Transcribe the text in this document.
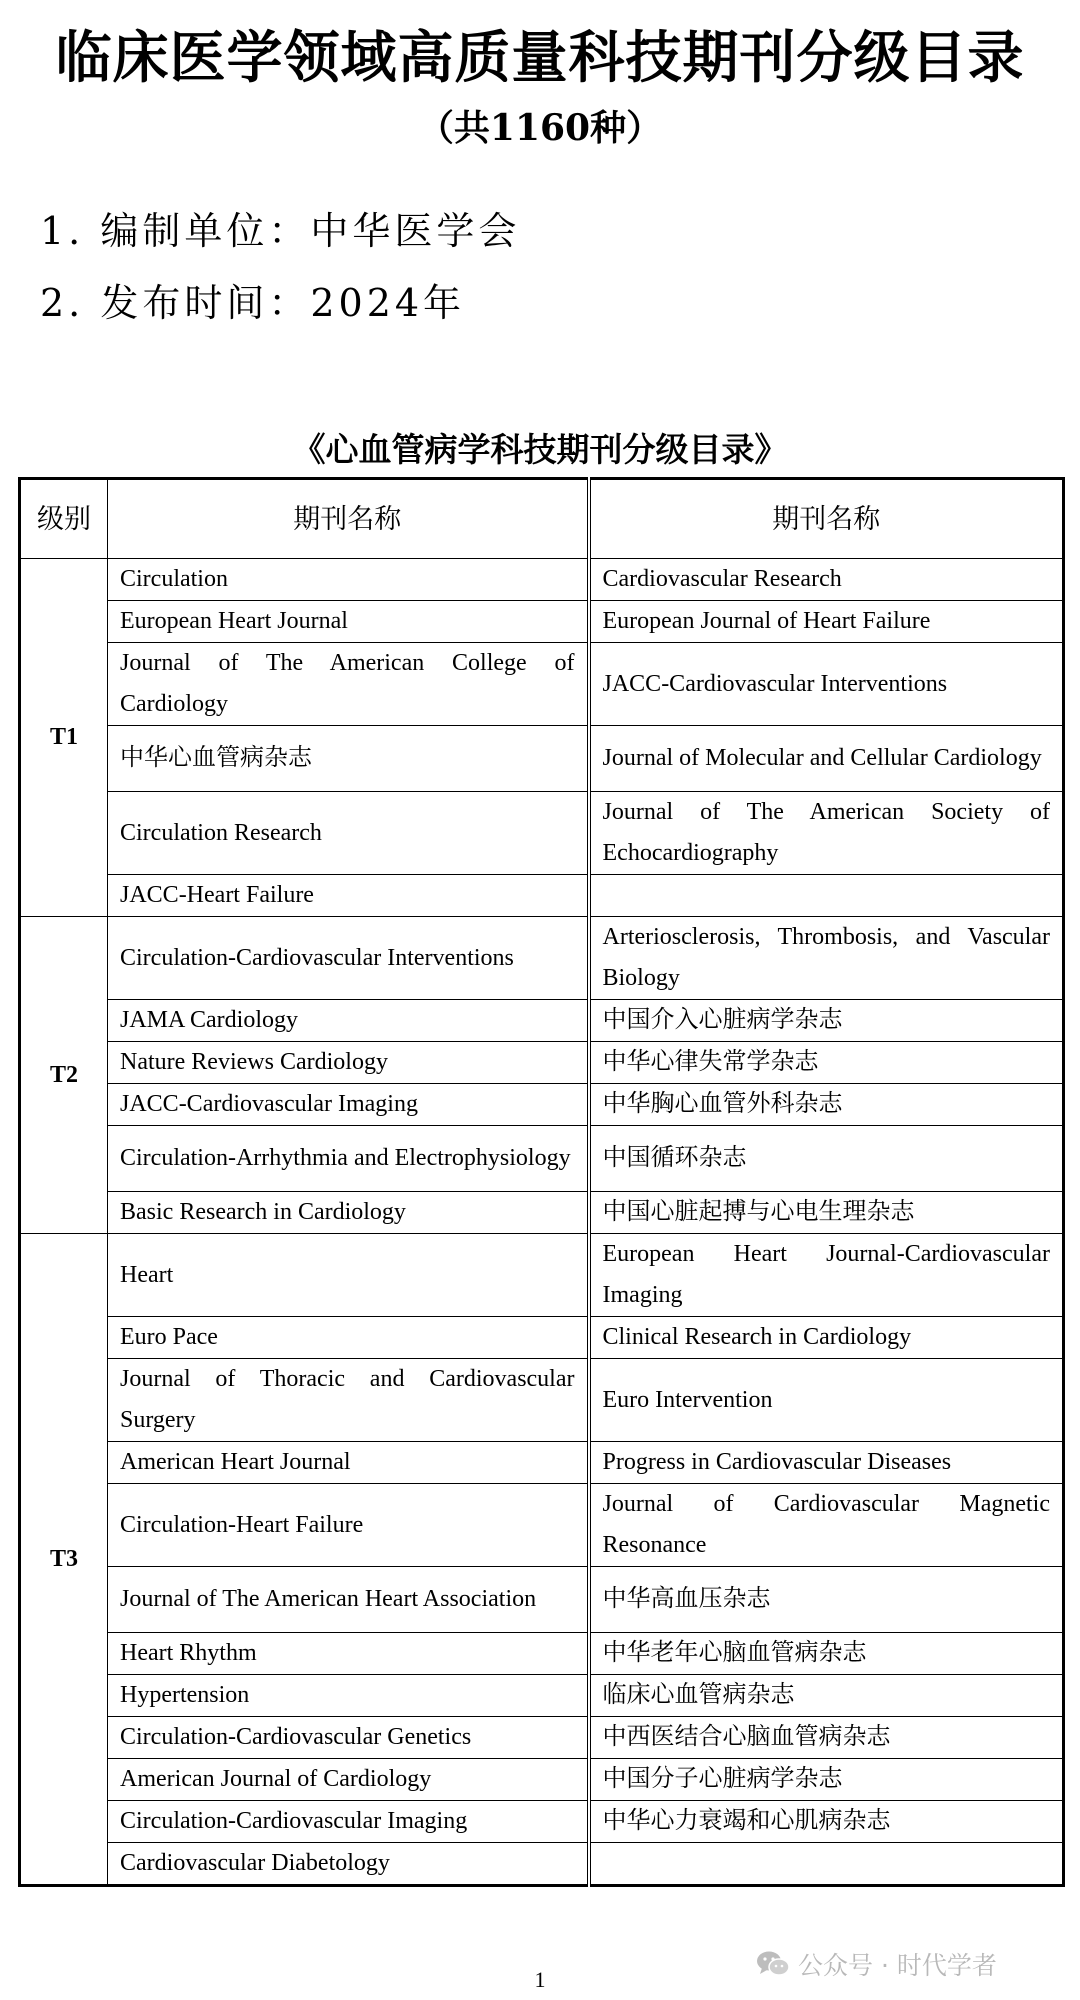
临床医学领域高质量科技期刊分级目录
（共1160种）
1. 编制单位：中华医学会
2. 发布时间：2024年
《心血管病学科技期刊分级目录》
级别	期刊名称	期刊名称
T1	Circulation	Cardiovascular Research
	European Heart Journal	European Journal of Heart Failure
	Journal of The American College of Cardiology	JACC-Cardiovascular Interventions
	中华心血管病杂志	Journal of Molecular and Cellular Cardiology
	Circulation Research	Journal of The American Society of Echocardiography
	JACC-Heart Failure	
T2	Circulation-Cardiovascular Interventions	Arteriosclerosis, Thrombosis, and Vascular Biology
	JAMA Cardiology	中国介入心脏病学杂志
	Nature Reviews Cardiology	中华心律失常学杂志
	JACC-Cardiovascular Imaging	中华胸心血管外科杂志
	Circulation-Arrhythmia and Electrophysiology	中国循环杂志
	Basic Research in Cardiology	中国心脏起搏与心电生理杂志
T3	Heart	European Heart Journal-Cardiovascular Imaging
	Euro Pace	Clinical Research in Cardiology
	Journal of Thoracic and Cardiovascular Surgery	Euro Intervention
	American Heart Journal	Progress in Cardiovascular Diseases
	Circulation-Heart Failure	Journal of Cardiovascular Magnetic Resonance
	Journal of The American Heart Association	中华高血压杂志
	Heart Rhythm	中华老年心脑血管病杂志
	Hypertension	临床心血管病杂志
	Circulation-Cardiovascular Genetics	中西医结合心脑血管病杂志
	American Journal of Cardiology	中国分子心脏病学杂志
	Circulation-Cardiovascular Imaging	中华心力衰竭和心肌病杂志
	Cardiovascular Diabetology	
1	公众号 · 时代学者
